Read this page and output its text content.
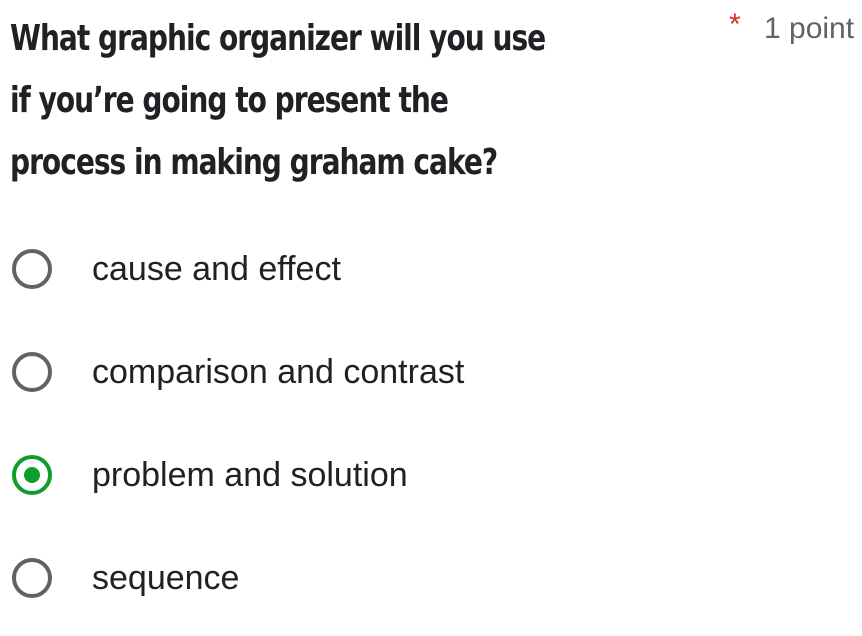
What graphic organizer will you use if you’re going to present the process in making graham cake?
* 1 point
cause and effect
comparison and contrast
problem and solution
sequence
